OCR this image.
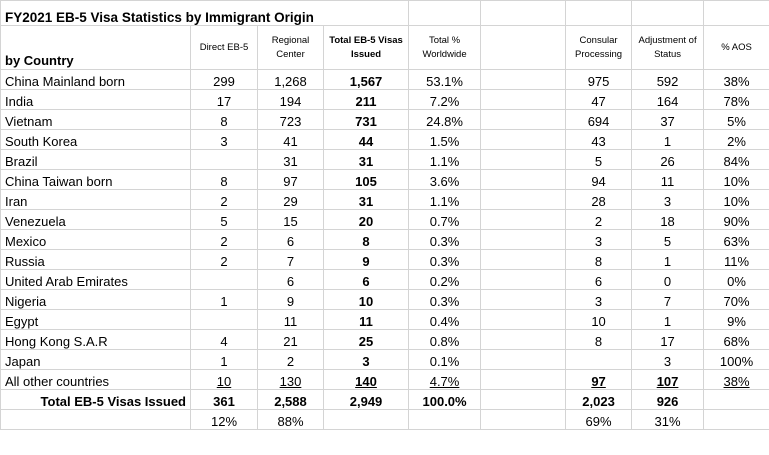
FY2021 EB-5 Visa Statistics by Immigrant Origin								
by Country	Direct EB-5	Regional Center	Total EB-5 Visas Issued	Total % Worldwide		Consular Processing	Adjustment of Status	% AOS
China Mainland born	299	1,268	1,567	53.1%		975	592	38%
India	17	194	211	7.2%		47	164	78%
Vietnam	8	723	731	24.8%		694	37	5%
South Korea	3	41	44	1.5%		43	1	2%
Brazil		31	31	1.1%		5	26	84%
China Taiwan born	8	97	105	3.6%		94	11	10%
Iran	2	29	31	1.1%		28	3	10%
Venezuela	5	15	20	0.7%		2	18	90%
Mexico	2	6	8	0.3%		3	5	63%
Russia	2	7	9	0.3%		8	1	11%
United Arab Emirates		6	6	0.2%		6	0	0%
Nigeria	1	9	10	0.3%		3	7	70%
Egypt		11	11	0.4%		10	1	9%
Hong Kong S.A.R	4	21	25	0.8%		8	17	68%
Japan	1	2	3	0.1%			3	100%
All other countries	10	130	140	4.7%		97	107	38%
Total EB-5 Visas Issued	361	2,588	2,949	100.0%		2,023	926	
	12%	88%				69%	31%	
